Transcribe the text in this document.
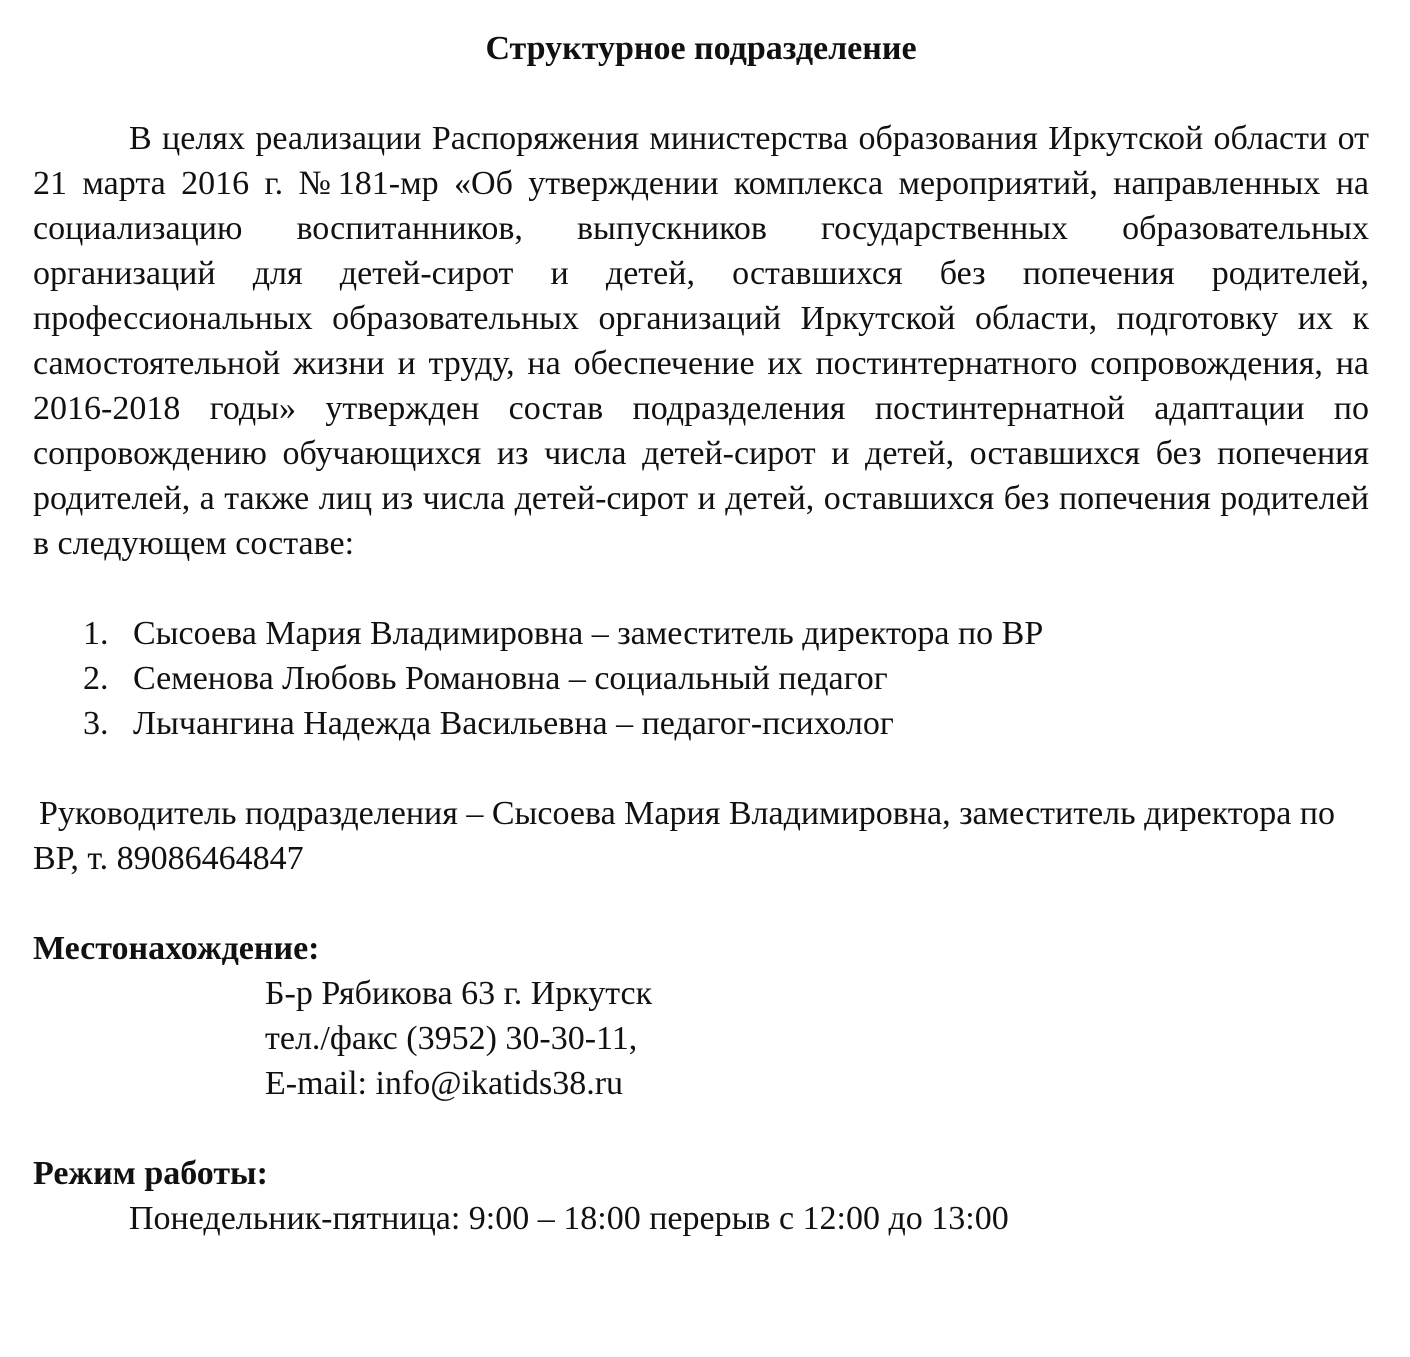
Структурное подразделение

В целях реализации Распоряжения министерства образования Иркутской области от 21 марта 2016 г. №181-мр «Об утверждении комплекса мероприятий, направленных на социализацию воспитанников, выпускников государственных образовательных организаций для детей-сирот и детей, оставшихся без попечения родителей, профессиональных образовательных организаций Иркутской области, подготовку их к самостоятельной жизни и труду, на обеспечение их постинтернатного сопровождения, на 2016-2018 годы» утвержден состав подразделения постинтернатной адаптации по сопровождению обучающихся из числа детей-сирот и детей, оставшихся без попечения родителей, а также лиц из числа детей-сирот и детей, оставшихся без попечения родителей в следующем составе:

1. Сысоева Мария Владимировна – заместитель директора по ВР
2. Семенова Любовь Романовна – социальный педагог
3. Лычангина Надежда Васильевна – педагог-психолог

Руководитель подразделения – Сысоева Мария Владимировна, заместитель директора по ВР, т. 89086464847

Местонахождение:
Б-р Рябикова 63 г. Иркутск
тел./факс (3952) 30-30-11,
E-mail: info@ikatids38.ru
Режим работы:
Понедельник-пятница: 9:00 – 18:00 перерыв с 12:00 до 13:00
